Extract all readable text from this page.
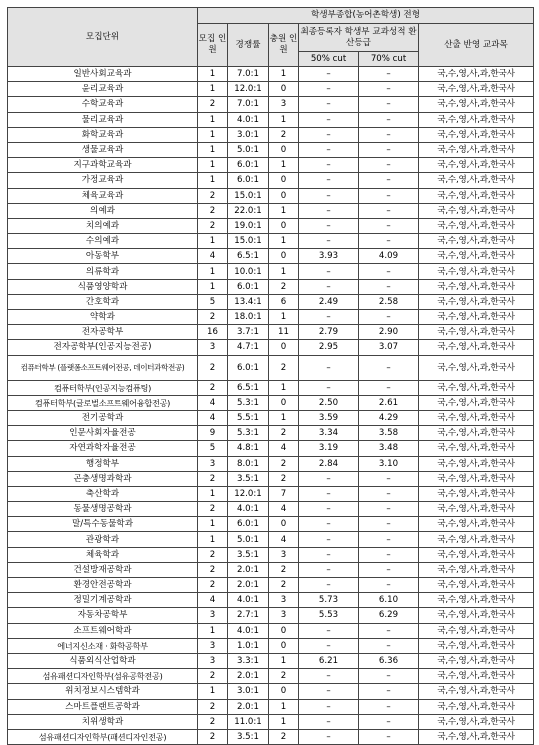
모집단위	학생부종합(농어촌학생) 전형					
	모집 인원	경쟁률	충원 인원	최종등록자 학생부 교과성적 환산등급		산출 반영 교과목
				50% cut	70% cut	
일반사회교육과	1	7.0:1	1	–	–	국,수,영,사,과,한국사
윤리교육과	1	12.0:1	0	–	–	국,수,영,사,과,한국사
수학교육과	2	7.0:1	3	–	–	국,수,영,사,과,한국사
물리교육과	1	4.0:1	1	–	–	국,수,영,사,과,한국사
화학교육과	1	3.0:1	2	–	–	국,수,영,사,과,한국사
생물교육과	1	5.0:1	0	–	–	국,수,영,사,과,한국사
지구과학교육과	1	6.0:1	1	–	–	국,수,영,사,과,한국사
가정교육과	1	6.0:1	0	–	–	국,수,영,사,과,한국사
체육교육과	2	15.0:1	0	–	–	국,수,영,사,과,한국사
의예과	2	22.0:1	1	–	–	국,수,영,사,과,한국사
치의예과	2	19.0:1	0	–	–	국,수,영,사,과,한국사
수의예과	1	15.0:1	1	–	–	국,수,영,사,과,한국사
아동학부	4	6.5:1	0	3.93	4.09	국,수,영,사,과,한국사
의류학과	1	10.0:1	1	–	–	국,수,영,사,과,한국사
식품영양학과	1	6.0:1	2	–	–	국,수,영,사,과,한국사
간호학과	5	13.4:1	6	2.49	2.58	국,수,영,사,과,한국사
약학과	2	18.0:1	1	–	–	국,수,영,사,과,한국사
전자공학부	16	3.7:1	11	2.79	2.90	국,수,영,사,과,한국사
전자공학부(인공지능전공)	3	4.7:1	0	2.95	3.07	국,수,영,사,과,한국사
컴퓨터학부 (플랫폼소프트웨어전공, 데이터과학전공)	2	6.0:1	2	–	–	국,수,영,사,과,한국사
컴퓨터학부(인공지능컴퓨팅)	2	6.5:1	1	–	–	국,수,영,사,과,한국사
컴퓨터학부(글로벌소프트웨어융합전공)	4	5.3:1	0	2.50	2.61	국,수,영,사,과,한국사
전기공학과	4	5.5:1	1	3.59	4.29	국,수,영,사,과,한국사
인문사회자율전공	9	5.3:1	2	3.34	3.58	국,수,영,사,과,한국사
자연과학자율전공	5	4.8:1	4	3.19	3.48	국,수,영,사,과,한국사
행정학부	3	8.0:1	2	2.84	3.10	국,수,영,사,과,한국사
곤충생명과학과	2	3.5:1	2	–	–	국,수,영,사,과,한국사
축산학과	1	12.0:1	7	–	–	국,수,영,사,과,한국사
동물생명공학과	2	4.0:1	4	–	–	국,수,영,사,과,한국사
말/특수동물학과	1	6.0:1	0	–	–	국,수,영,사,과,한국사
관광학과	1	5.0:1	4	–	–	국,수,영,사,과,한국사
체육학과	2	3.5:1	3	–	–	국,수,영,사,과,한국사
건설방재공학과	2	2.0:1	2	–	–	국,수,영,사,과,한국사
환경안전공학과	2	2.0:1	2	–	–	국,수,영,사,과,한국사
정밀기계공학과	4	4.0:1	3	5.73	6.10	국,수,영,사,과,한국사
자동차공학부	3	2.7:1	3	5.53	6.29	국,수,영,사,과,한국사
소프트웨어학과	1	4.0:1	0	–	–	국,수,영,사,과,한국사
에너지신소재 · 화학공학부	3	1.0:1	0	–	–	국,수,영,사,과,한국사
식품외식산업학과	3	3.3:1	1	6.21	6.36	국,수,영,사,과,한국사
섬유패션디자인학부(섬유공학전공)	2	2.0:1	2	–	–	국,수,영,사,과,한국사
위치정보시스템학과	1	3.0:1	0	–	–	국,수,영,사,과,한국사
스마트플랜트공학과	2	2.0:1	1	–	–	국,수,영,사,과,한국사
치위생학과	2	11.0:1	1	–	–	국,수,영,사,과,한국사
섬유패션디자인학부(패션디자인전공)	2	3.5:1	2	–	–	국,수,영,사,과,한국사
